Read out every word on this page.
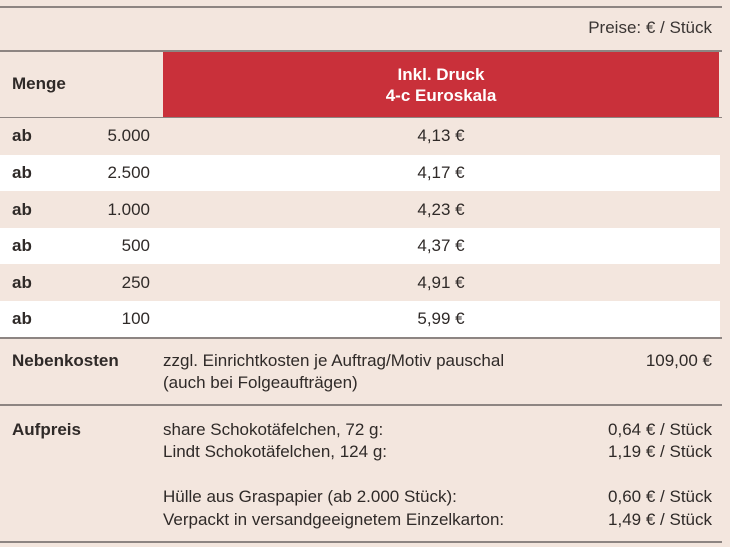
Preise: € / Stück
Menge	Inkl. Druck
4-c Euroskala
ab	5.000	4,13 €
ab	2.500	4,17 €
ab	1.000	4,23 €
ab	500	4,37 €
ab	250	4,91 €
ab	100	5,99 €
Nebenkosten	zzgl. Einrichtkosten je Auftrag/Motiv pauschal
(auch bei Folgeaufträgen)
109,00 €
Aufpreis	share Schokotäfelchen, 72 g:	0,64 € / Stück
Lindt Schokotäfelchen, 124 g:	1,19 € / Stück
Hülle aus Graspapier (ab 2.000 Stück):	0,60 € / Stück
Verpackt in versandgeeignetem Einzelkarton:	1,49 € / Stück
